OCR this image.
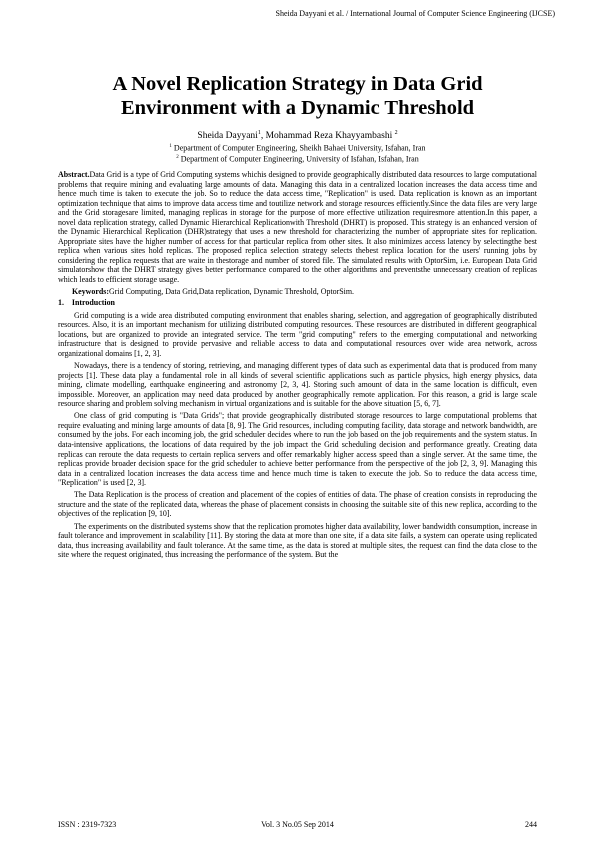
Sheida Dayyani et al. / International Journal of Computer Science Engineering (IJCSE)
A Novel Replication Strategy in Data Grid
Environment with a Dynamic Threshold
Sheida Dayyani$^1$, Mohammad Reza Khayyambashi $^2$
$^1$ Department of Computer Engineering, Sheikh Bahaei University, Isfahan, Iran
$^2$ Department of Computer Engineering, University of Isfahan, Isfahan, Iran

Abstract.Data Grid is a type of Grid Computing systems whichis designed to provide geographically distributed data resources to large computational problems that require mining and evaluating large amounts of data. Managing this data in a centralized location increases the data access time and hence much time is taken to execute the job. So to reduce the data access time, "Replication" is used. Data replication is known as an important optimization technique that aims to improve data access time and toutilize network and storage resources efficiently.Since the data files are very large and the Grid storagesare limited, managing replicas in storage for the purpose of more effective utilization requiresmore attention.In this paper, a novel data replication strategy, called Dynamic Hierarchical Replicationwith Threshold (DHRT) is proposed. This strategy is an enhanced version of the Dynamic Hierarchical Replication (DHR)strategy that uses a new threshold for characterizing the number of appropriate sites for replication. Appropriate sites have the higher number of access for that particular replica from other sites. It also minimizes access latency by selectingthe best replica when various sites hold replicas. The proposed replica selection strategy selects thebest replica location for the users' running jobs by considering the replica requests that are waite in thestorage and number of stored file. The simulated results with OptorSim, i.e. European Data Grid simulatorshow that the DHRT strategy gives better performance compared to the other algorithms and preventsthe unnecessary creation of replicas which leads to efficient storage usage.

Keywords:Grid Computing, Data Grid,Data replication, Dynamic Threshold, OptorSim.

1.    Introduction

Grid computing is a wide area distributed computing environment that enables sharing, selection, and aggregation of geographically distributed resources. Also, it is an important mechanism for utilizing distributed computing resources. These resources are distributed in different geographical locations, but are organized to provide an integrated service. The term "grid computing" refers to the emerging computational and networking infrastructure that is designed to provide pervasive and reliable access to data and computational resources over wide area network, across organizational domains [1, 2, 3].

Nowadays, there is a tendency of storing, retrieving, and managing different types of data such as experimental data that is produced from many projects [1]. These data play a fundamental role in all kinds of several scientific applications such as particle physics, high energy physics, data mining, climate modelling, earthquake engineering and astronomy [2, 3, 4]. Storing such amount of data in the same location is difficult, even impossible. Moreover, an application may need data produced by another geographically remote application. For this reason, a grid is large scale resource sharing and problem solving mechanism in virtual organizations and is suitable for the above situation [5, 6, 7].

One class of grid computing is "Data Grids"; that provide geographically distributed storage resources to large computational problems that require evaluating and mining large amounts of data [8, 9]. The Grid resources, including computing facility, data storage and network bandwidth, are consumed by the jobs. For each incoming job, the grid scheduler decides where to run the job based on the job requirements and the system status. In data-intensive applications, the locations of data required by the job impact the Grid scheduling decision and performance greatly. Creating data replicas can reroute the data requests to certain replica servers and offer remarkably higher access speed than a single server. At the same time, the replicas provide broader decision space for the grid scheduler to achieve better performance from the perspective of the job [2, 3, 9]. Managing this data in a centralized location increases the data access time and hence much time is taken to execute the job. So to reduce the data access time, "Replication" is used [2, 3].

The Data Replication is the process of creation and placement of the copies of entities of data. The phase of creation consists in reproducing the structure and the state of the replicated data, whereas the phase of placement consists in choosing the suitable site of this new replica, according to the objectives of the replication [9, 10].

The experiments on the distributed systems show that the replication promotes higher data availability, lower bandwidth consumption, increase in fault tolerance and improvement in scalability [11]. By storing the data at more than one site, if a data site fails, a system can operate using replicated data, thus increasing availability and fault tolerance. At the same time, as the data is stored at multiple sites, the request can find the data close to the site where the request originated, thus increasing the performance of the system. But the

ISSN : 2319-7323	Vol. 3 No.05 Sep 2014	244
